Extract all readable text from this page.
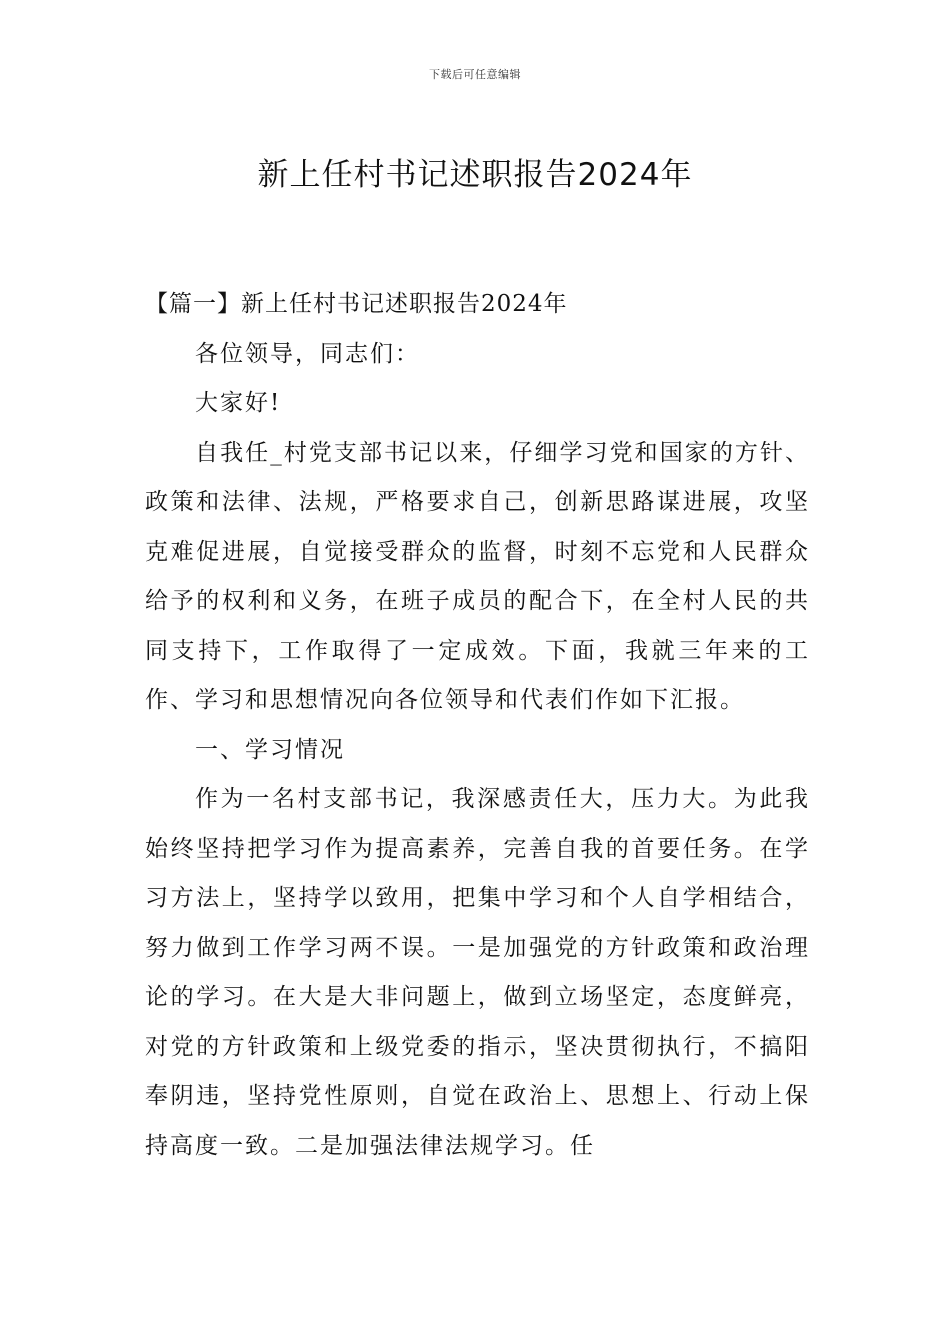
下载后可任意编辑
新上任村书记述职报告2024年

【篇一】新上任村书记述职报告2024年

各位领导，同志们：

大家好!

自我任_村党支部书记以来，仔细学习党和国家的方针、政策和法律、法规，严格要求自己，创新思路谋进展，攻坚克难促进展，自觉接受群众的监督，时刻不忘党和人民群众给予的权利和义务，在班子成员的配合下，在全村人民的共同支持下，工作取得了一定成效。下面，我就三年来的工作、学习和思想情况向各位领导和代表们作如下汇报。

一、学习情况

作为一名村支部书记，我深感责任大，压力大。为此我始终坚持把学习作为提高素养，完善自我的首要任务。在学习方法上，坚持学以致用，把集中学习和个人自学相结合，努力做到工作学习两不误。一是加强党的方针政策和政治理论的学习。在大是大非问题上，做到立场坚定，态度鲜亮，对党的方针政策和上级党委的指示，坚决贯彻执行，不搞阳奉阴违，坚持党性原则，自觉在政治上、思想上、行动上保持高度一致。二是加强法律法规学习。任
